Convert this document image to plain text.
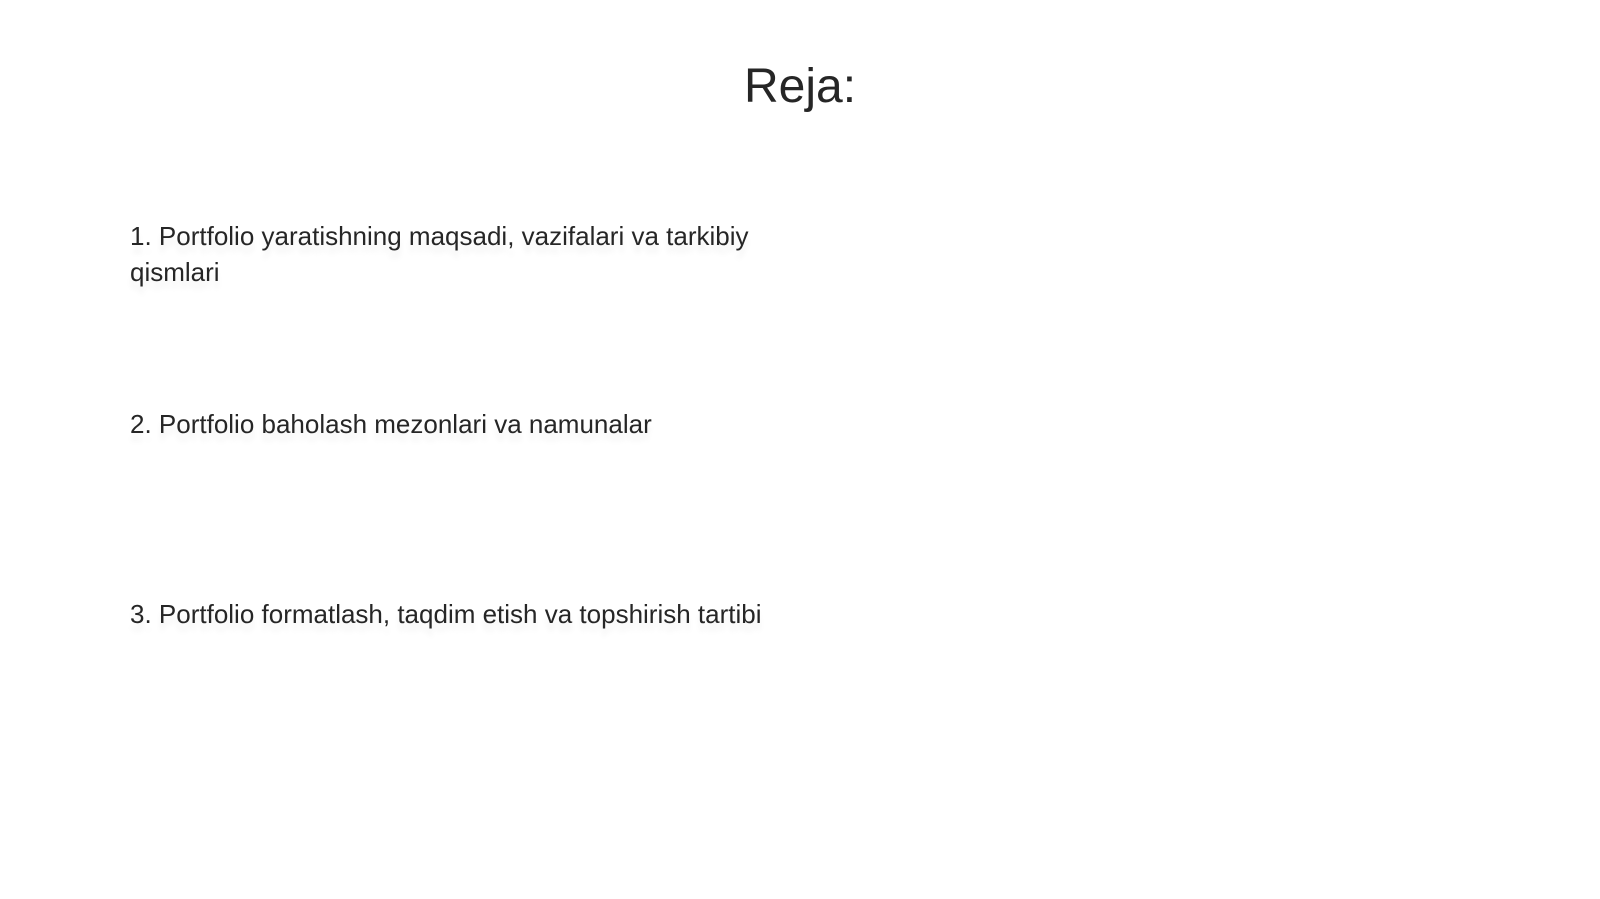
Reja:
1. Portfolio yaratishning maqsadi, vazifalari va tarkibiy qismlari
2. Portfolio baholash mezonlari va namunalar
3. Portfolio formatlash, taqdim etish va topshirish tartibi
